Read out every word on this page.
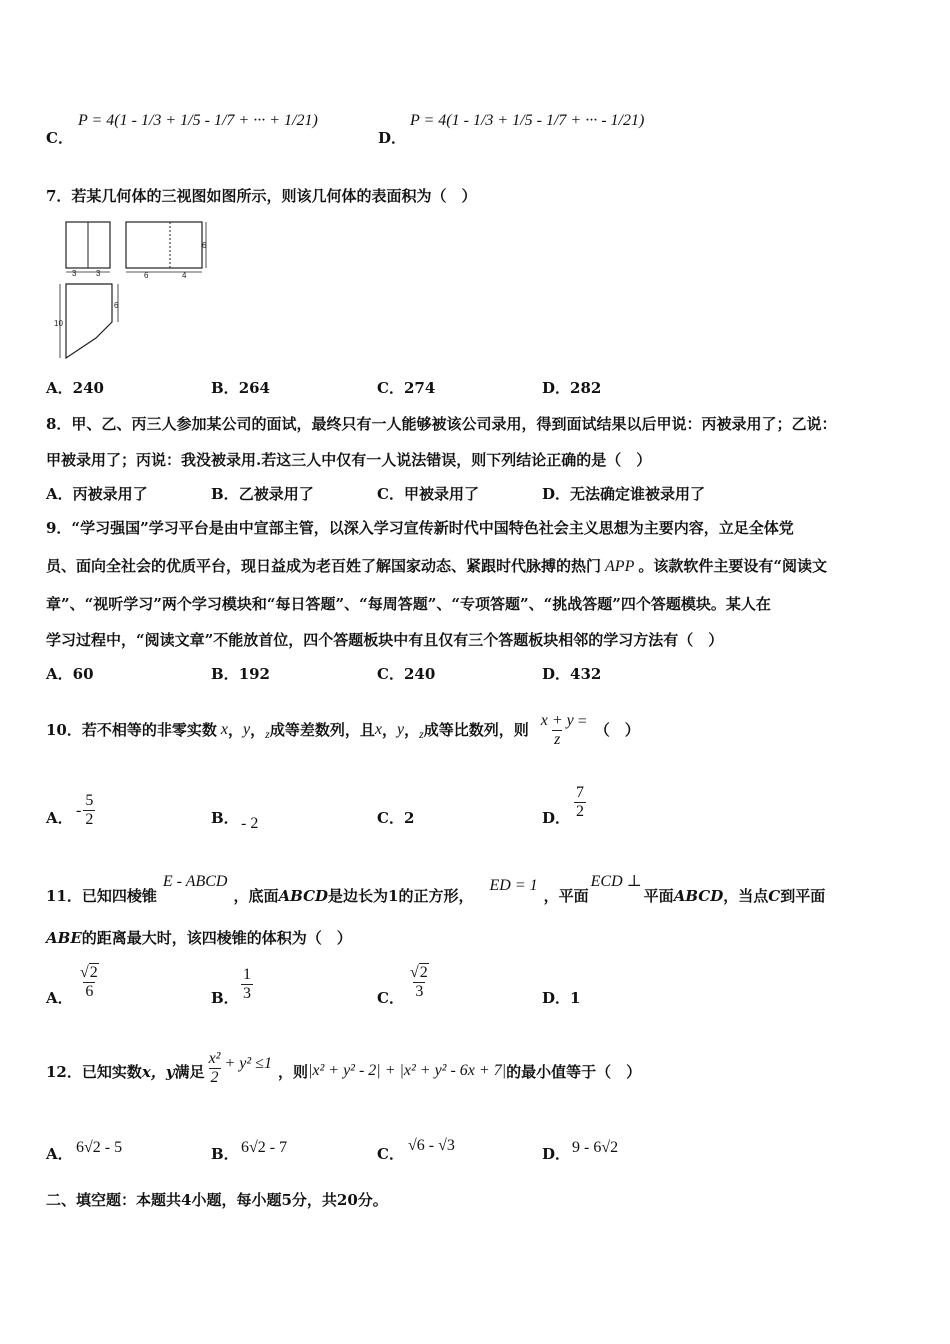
C．
P = 4(1 - 1/3 + 1/5 - 1/7 + ··· + 1/21)
D．
P = 4(1 - 1/3 + 1/5 - 1/7 + ··· - 1/21)
7．若某几何体的三视图如图所示，则该几何体的表面积为（　）
3 3	6	4
6
10
6
A．240	B．264	C．274	D．282
8．甲、乙、丙三人参加某公司的面试，最终只有一人能够被该公司录用，得到面试结果以后甲说：丙被录用了；乙说：
甲被录用了；丙说：我没被录用.若这三人中仅有一人说法错误，则下列结论正确的是（　）
A．丙被录用了	B．乙被录用了	C．甲被录用了	D．无法确定谁被录用了
9．“学习强国”学习平台是由中宣部主管，以深入学习宣传新时代中国特色社会主义思想为主要内容，立足全体党
员、面向全社会的优质平台，现日益成为老百姓了解国家动态、紧跟时代脉搏的热门 APP 。该款软件主要设有“阅读文
章”、“视听学习”两个学习模块和“每日答题”、“每周答题”、“专项答题”、“挑战答题”四个答题模块。某人在
学习过程中，“阅读文章”不能放首位，四个答题板块中有且仅有三个答题板块相邻的学习方法有（　）
A．60	B．192	C．240	D．432
10．若不相等的非零实数 x ， y ， z 成等差数列，且 x ， y ， z 成等比数列，则 $\frac{x + y}{z}$ = （　）
A． - $\frac{5}{2}$	B． - 2	C．2	D． $\frac{7}{2}$
11．已知四棱锥
E - ABCD
，底面 ABCD 是边长为1的正方形，
ED = 1
，平面
ECD ⊥
平面 ABCD ，当点 C 到平面
ABE的距离最大时，该四棱锥的体积为（　）
A． $\frac{√2}{6}$	B． $\frac{1}{3}$	C． $\frac{√2}{3}$	D．1
12．已知实数 x，y 满足 $\frac{\text{x²}}{2} + y^2 \le 1$ ，则 |x² + y² - 2| + |x² + y² - 6x + 7| 的最小值等于（　）
A． 6√2 - 5	B． 6√2 - 7	C． √6 - √3	D． 9 - 6√2
二、填空题：本题共4小题，每小题5分，共20分。
